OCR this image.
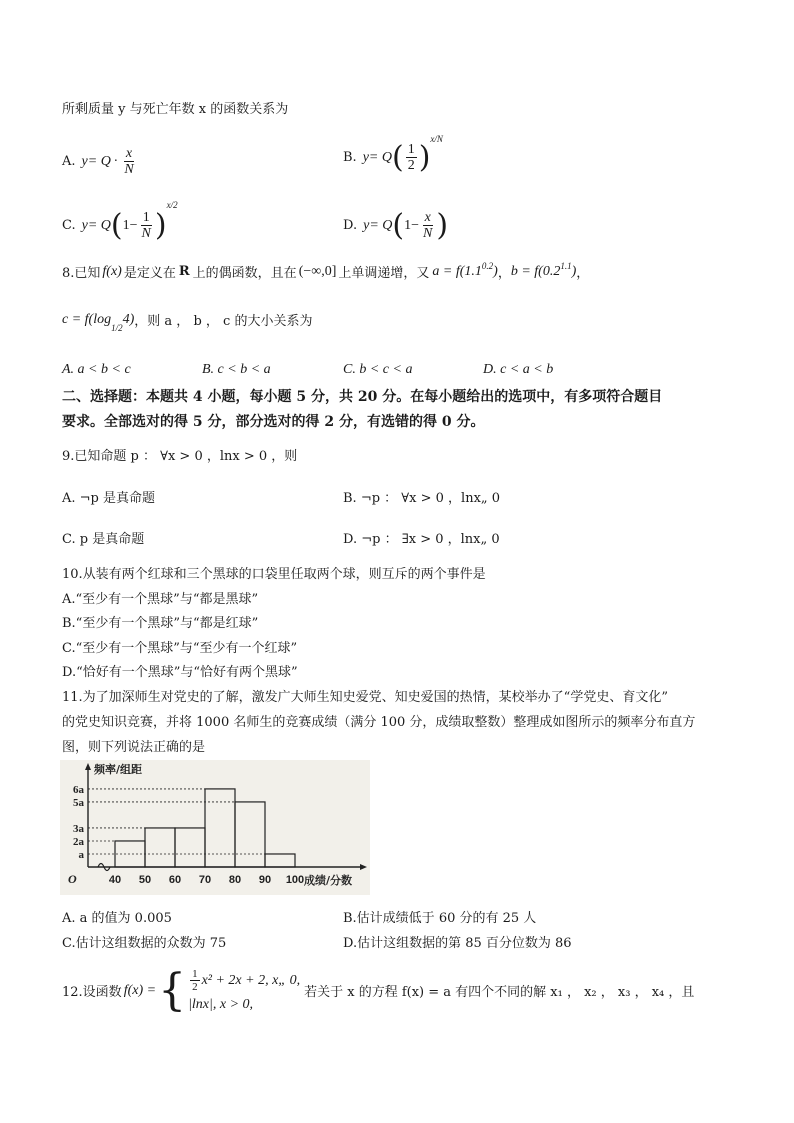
所剩质量 y 与死亡年数 x 的函数关系为
A. $y = Q \cdot \frac{x}{N}$	B. y = Q ( $\frac{1}{2}$ )
x/N
C. y = Q ( $1- \frac{1}{N}$ )
x/2
D. y = Q ( $1- \frac{x}{N}$ )
8.已知 f(x) 是定义在 R 上的偶函数，且在 (−∞,0] 上单调递增，又 a = f(1.1 0.2 ) ， b = f(0.2 1.1 ) ，
c = f(log
1/2
4) ，则 a ， b ， c 的大小关系为
A. a < b < c	B. c < b < a	C. b < c < a	D. c < a < b
二、选择题：本题共 4 小题，每小题 5 分，共 20 分。在每小题给出的选项中，有多项符合题目
要求。全部选对的得 5 分，部分选对的得 2 分，有选错的得 0 分。
9.已知命题 p ： ∀x > 0 ，lnx > 0 ，则
A. ¬p 是真命题	B. ¬p ： ∀x > 0 ，lnx„ 0
C. p 是真命题	D. ¬p ： ∃x > 0 ，lnx„ 0
10.从装有两个红球和三个黑球的口袋里任取两个球，则互斥的两个事件是
A.“至少有一个黑球”与“都是黑球”
B.“至少有一个黑球”与“都是红球”
C.“至少有一个黑球”与“至少有一个红球”
D.“恰好有一个黑球”与“恰好有两个黑球”
11.为了加深师生对党史的了解，激发广大师生知史爱党、知史爱国的热情，某校举办了“学党史、育文化”
的党史知识竞赛，并将 1000 名师生的竞赛成绩（满分 100 分，成绩取整数）整理成如图所示的频率分布直方
图，则下列说法正确的是
频率/组距
O
a
2a
3a
5a
6a
40 50 60 70 80 90 100 成绩/分数
A. a 的值为 0.005	B.估计成绩低于 60 分的有 25 人
C.估计这组数据的众数为 75	D.估计这组数据的第 85 百分位数为 86
12.设函数 f(x) = { $\frac{1}{2} x^2 + 2x + 2$, x„ 0,
|lnx|, x > 0,
若关于 x 的方程 f(x) = a 有四个不同的解 x₁ ， x₂ ， x₃ ， x₄ ，且
